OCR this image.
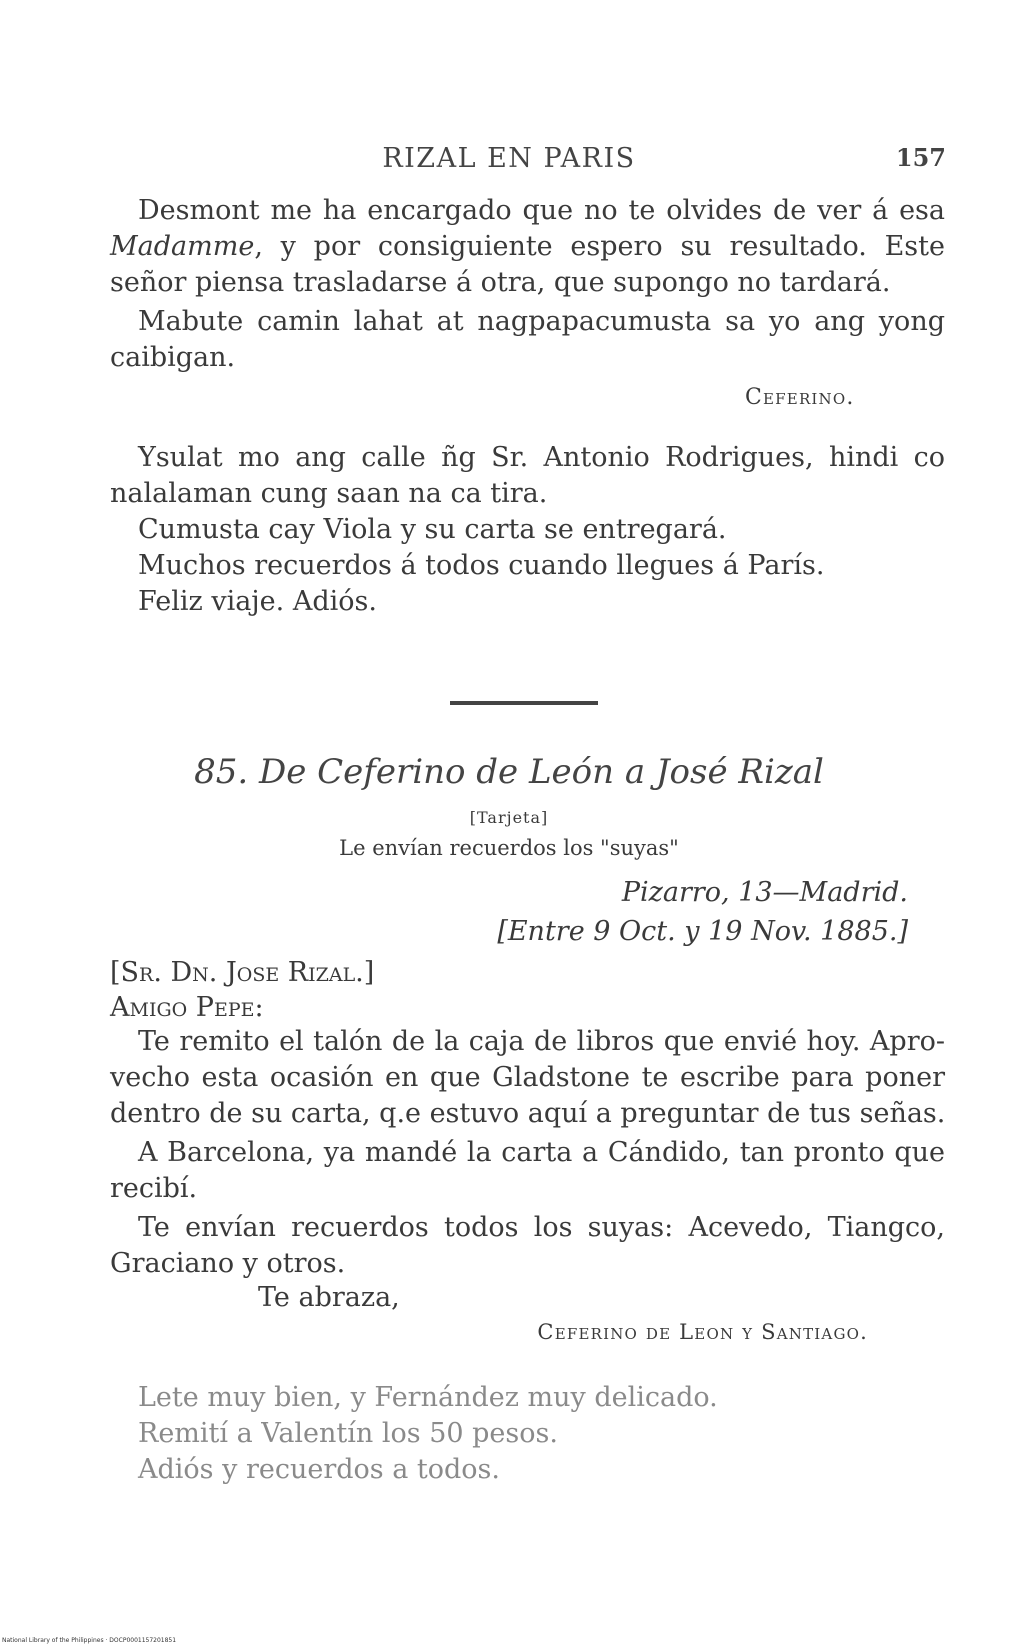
RIZAL EN PARIS	157
Desmont me ha encargado que no te olvides de ver á esa
Madamme, y por consiguiente espero su resultado. Este
señor piensa trasladarse á otra, que supongo no tardará.
Mabute camin lahat at nagpapacumusta sa yo ang yong
caibigan.
Ceferino.
Ysulat mo ang calle ñg Sr. Antonio Rodrigues, hindi co
nalalaman cung saan na ca tira.
Cumusta cay Viola y su carta se entregará.
Muchos recuerdos á todos cuando llegues á París.
Feliz viaje. Adiós.
85. De Ceferino de León a José Rizal
[Tarjeta]
Le envían recuerdos los "suyas"
Pizarro, 13—Madrid.
[Entre 9 Oct. y 19 Nov. 1885.]
[Sr. Dn. Jose Rizal.]
Amigo Pepe:
Te remito el talón de la caja de libros que envié hoy. Apro-
vecho esta ocasión en que Gladstone te escribe para poner
dentro de su carta, q.e estuvo aquí a preguntar de tus señas.
A Barcelona, ya mandé la carta a Cándido, tan pronto que
recibí.
Te envían recuerdos todos los suyas: Acevedo, Tiangco,
Graciano y otros.
Te abraza,
Ceferino de Leon y Santiago.
Lete muy bien, y Fernández muy delicado.
Remití a Valentín los 50 pesos.
Adiós y recuerdos a todos.
National Library of the Philippines · DOCP0001157201851
